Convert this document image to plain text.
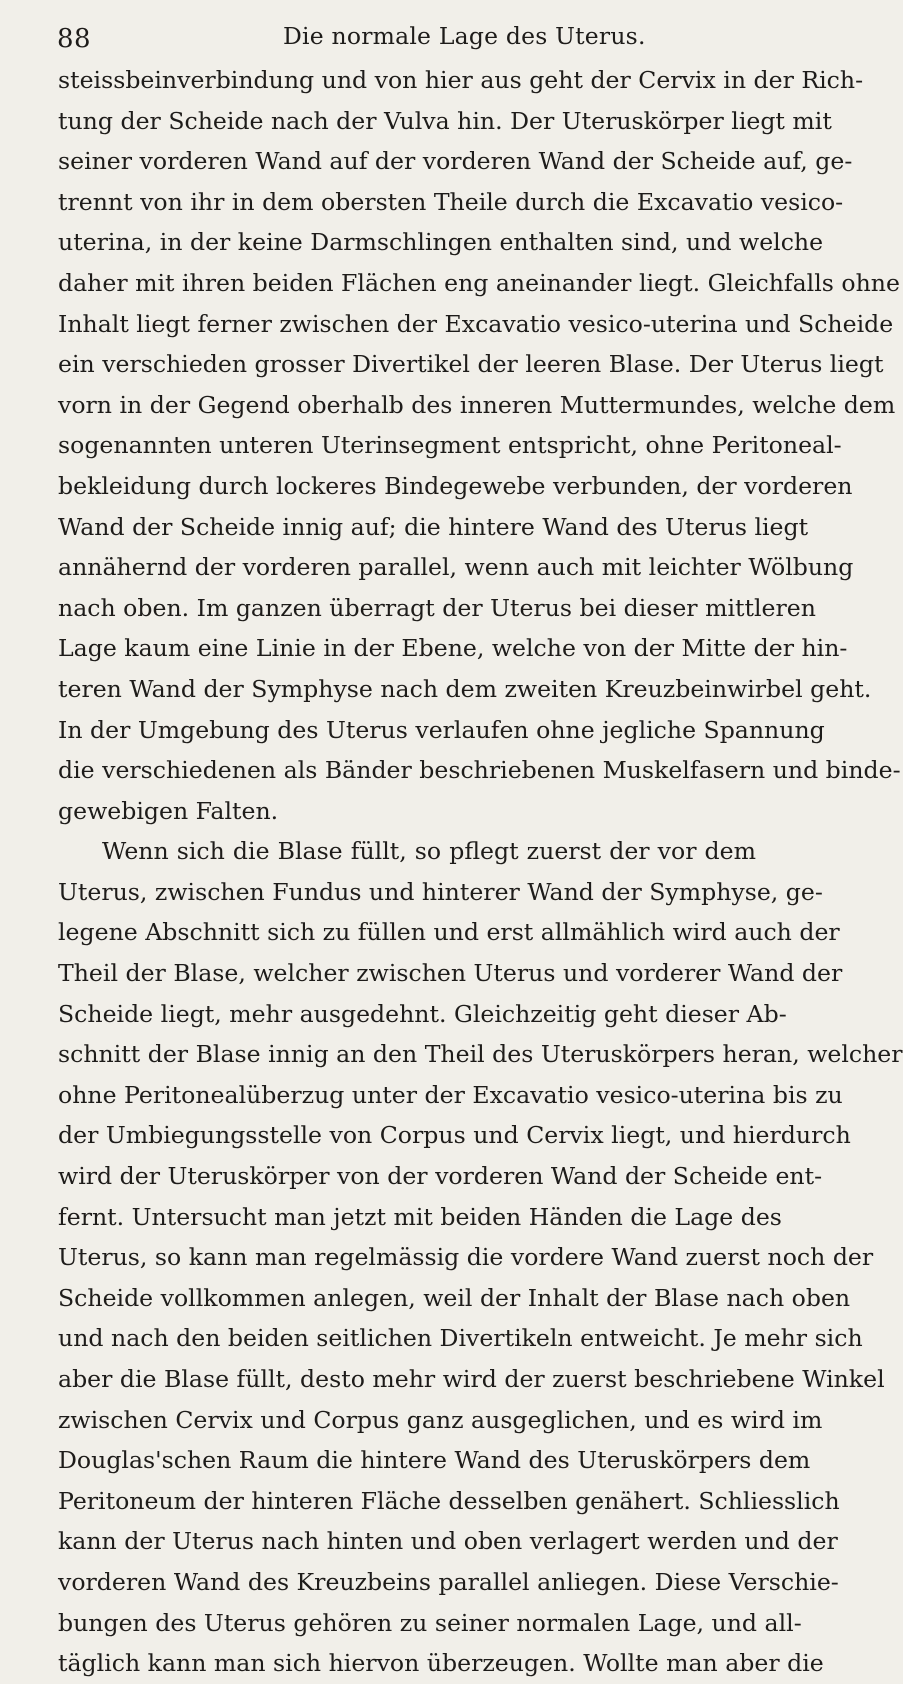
88	Die normale Lage des Uterus.
steissbeinverbindung und von hier aus geht der Cervix in der Rich-
tung der Scheide nach der Vulva hin. Der Uteruskörper liegt mit
seiner vorderen Wand auf der vorderen Wand der Scheide auf, ge-
trennt von ihr in dem obersten Theile durch die Excavatio vesico-
uterina, in der keine Darmschlingen enthalten sind, und welche
daher mit ihren beiden Flächen eng aneinander liegt. Gleichfalls ohne
Inhalt liegt ferner zwischen der Excavatio vesico-uterina und Scheide
ein verschieden grosser Divertikel der leeren Blase. Der Uterus liegt
vorn in der Gegend oberhalb des inneren Muttermundes, welche dem
sogenannten unteren Uterinsegment entspricht, ohne Peritoneal-
bekleidung durch lockeres Bindegewebe verbunden, der vorderen
Wand der Scheide innig auf; die hintere Wand des Uterus liegt
annähernd der vorderen parallel, wenn auch mit leichter Wölbung
nach oben. Im ganzen überragt der Uterus bei dieser mittleren
Lage kaum eine Linie in der Ebene, welche von der Mitte der hin-
teren Wand der Symphyse nach dem zweiten Kreuzbeinwirbel geht.
In der Umgebung des Uterus verlaufen ohne jegliche Spannung
die verschiedenen als Bänder beschriebenen Muskelfasern und binde-
gewebigen Falten.
Wenn sich die Blase füllt, so pflegt zuerst der vor dem
Uterus, zwischen Fundus und hinterer Wand der Symphyse, ge-
legene Abschnitt sich zu füllen und erst allmählich wird auch der
Theil der Blase, welcher zwischen Uterus und vorderer Wand der
Scheide liegt, mehr ausgedehnt. Gleichzeitig geht dieser Ab-
schnitt der Blase innig an den Theil des Uteruskörpers heran, welcher
ohne Peritonealüberzug unter der Excavatio vesico-uterina bis zu
der Umbiegungsstelle von Corpus und Cervix liegt, und hierdurch
wird der Uteruskörper von der vorderen Wand der Scheide ent-
fernt. Untersucht man jetzt mit beiden Händen die Lage des
Uterus, so kann man regelmässig die vordere Wand zuerst noch der
Scheide vollkommen anlegen, weil der Inhalt der Blase nach oben
und nach den beiden seitlichen Divertikeln entweicht. Je mehr sich
aber die Blase füllt, desto mehr wird der zuerst beschriebene Winkel
zwischen Cervix und Corpus ganz ausgeglichen, und es wird im
Douglas'schen Raum die hintere Wand des Uteruskörpers dem
Peritoneum der hinteren Fläche desselben genähert. Schliesslich
kann der Uterus nach hinten und oben verlagert werden und der
vorderen Wand des Kreuzbeins parallel anliegen. Diese Verschie-
bungen des Uterus gehören zu seiner normalen Lage, und all-
täglich kann man sich hiervon überzeugen. Wollte man aber die
